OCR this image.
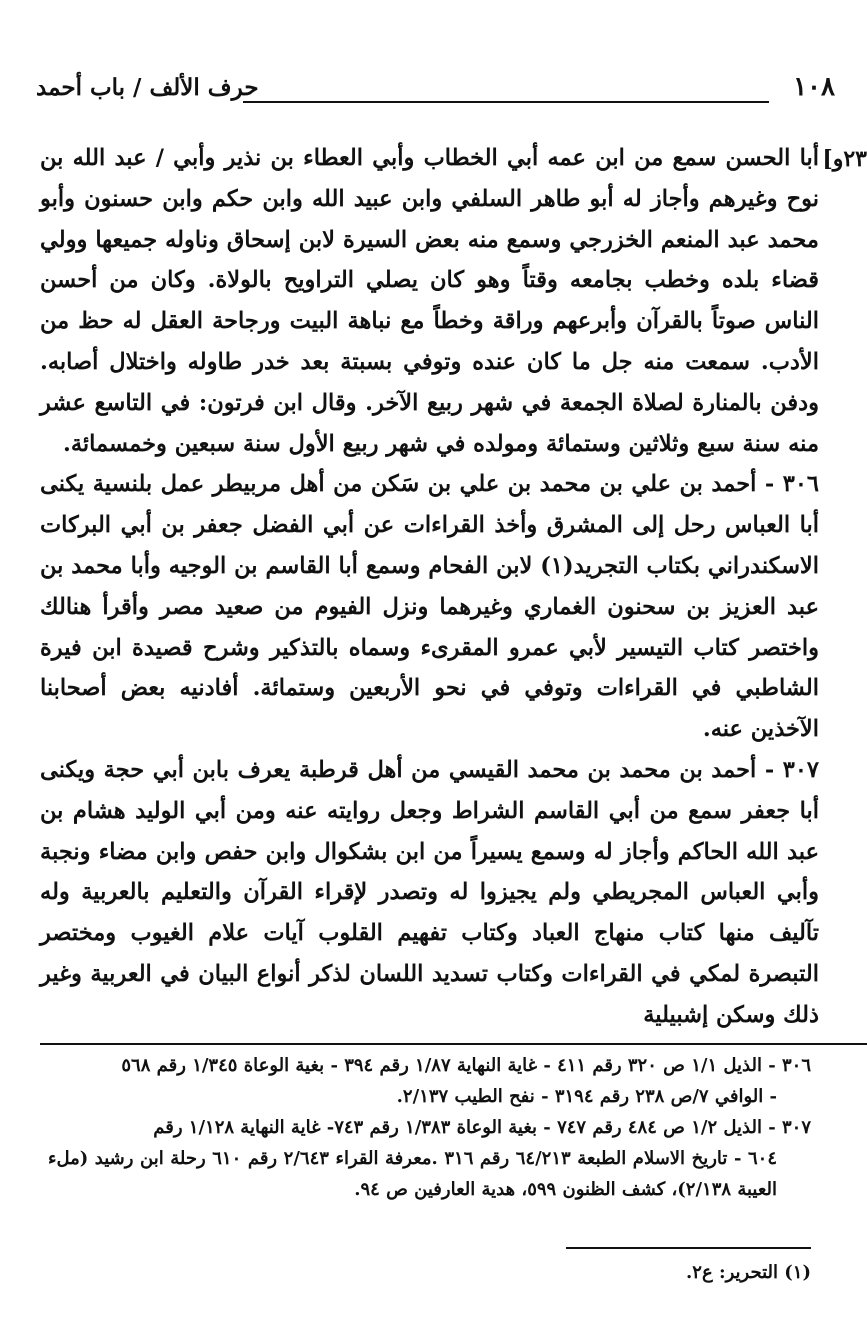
١٠٨
حرف الألف / باب أحمد
٢٣و]

أبا الحسن سمع من ابن عمه أبي الخطاب وأبي العطاء بن نذير وأبي / عبد الله بن نوح وغيرهم وأجاز له أبو طاهر السلفي وابن عبيد الله وابن حكم وابن حسنون وأبو محمد عبد المنعم الخزرجي وسمع منه بعض السيرة لابن إسحاق وناوله جميعها وولي قضاء بلده وخطب بجامعه وقتاً وهو كان يصلي التراويح بالولاة. وكان من أحسن الناس صوتاً بالقرآن وأبرعهم وراقة وخطاً مع نباهة البيت ورجاحة العقل له حظ من الأدب. سمعت منه جل ما كان عنده وتوفي بسبتة بعد خدر طاوله واختلال أصابه. ودفن بالمنارة لصلاة الجمعة في شهر ربيع الآخر. وقال ابن فرتون: في التاسع عشر منه سنة سبع وثلاثين وستمائة ومولده في شهر ربيع الأول سنة سبعين وخمسمائة.

٣٠٦ - أحمد بن علي بن محمد بن علي بن سَكن من أهل مربيطر عمل بلنسية يكنى أبا العباس رحل إلى المشرق وأخذ القراءات عن أبي الفضل جعفر بن أبي البركات الاسكندراني بكتاب التجريد(١) لابن الفحام وسمع أبا القاسم بن الوجيه وأبا محمد بن عبد العزيز بن سحنون الغماري وغيرهما ونزل الفيوم من صعيد مصر وأقرأ هنالك واختصر كتاب التيسير لأبي عمرو المقرىء وسماه بالتذكير وشرح قصيدة ابن فيرة الشاطبي في القراءات وتوفي في نحو الأربعين وستمائة. أفادنيه بعض أصحابنا الآخذين عنه.

٣٠٧ - أحمد بن محمد بن محمد القيسي من أهل قرطبة يعرف بابن أبي حجة ويكنى أبا جعفر سمع من أبي القاسم الشراط وجعل روايته عنه ومن أبي الوليد هشام بن عبد الله الحاكم وأجاز له وسمع يسيراً من ابن بشكوال وابن حفص وابن مضاء ونجبة وأبي العباس المجريطي ولم يجيزوا له وتصدر لإقراء القرآن والتعليم بالعربية وله تآليف منها كتاب منهاج العباد وكتاب تفهيم القلوب آيات علام الغيوب ومختصر التبصرة لمكي في القراءات وكتاب تسديد اللسان لذكر أنواع البيان في العربية وغير ذلك وسكن إشبيلية

٣٠٦ - الذيل ١/١ ص ٣٢٠ رقم ٤١١ - غاية النهاية ١/٨٧ رقم ٣٩٤ - بغية الوعاة ١/٣٤٥ رقم ٥٦٨

- الوافي ٧/ص ٢٣٨ رقم ٣١٩٤ - نفح الطيب ٢/١٣٧.

٣٠٧ - الذيل ١/٢ ص ٤٨٤ رقم ٧٤٧ - بغية الوعاة ١/٣٨٣ رقم ٧٤٣- غاية النهاية ١/١٢٨ رقم

٦٠٤ - تاريخ الاسلام الطبعة ٦٤/٢١٣ رقم ٣١٦ .معرفة القراء ٢/٦٤٣ رقم ٦١٠ رحلة ابن رشيد (ملء العيبة ٢/١٣٨)، كشف الظنون ٥٩٩، هدية العارفين ص ٩٤.

(١) التحرير: ع٢.
